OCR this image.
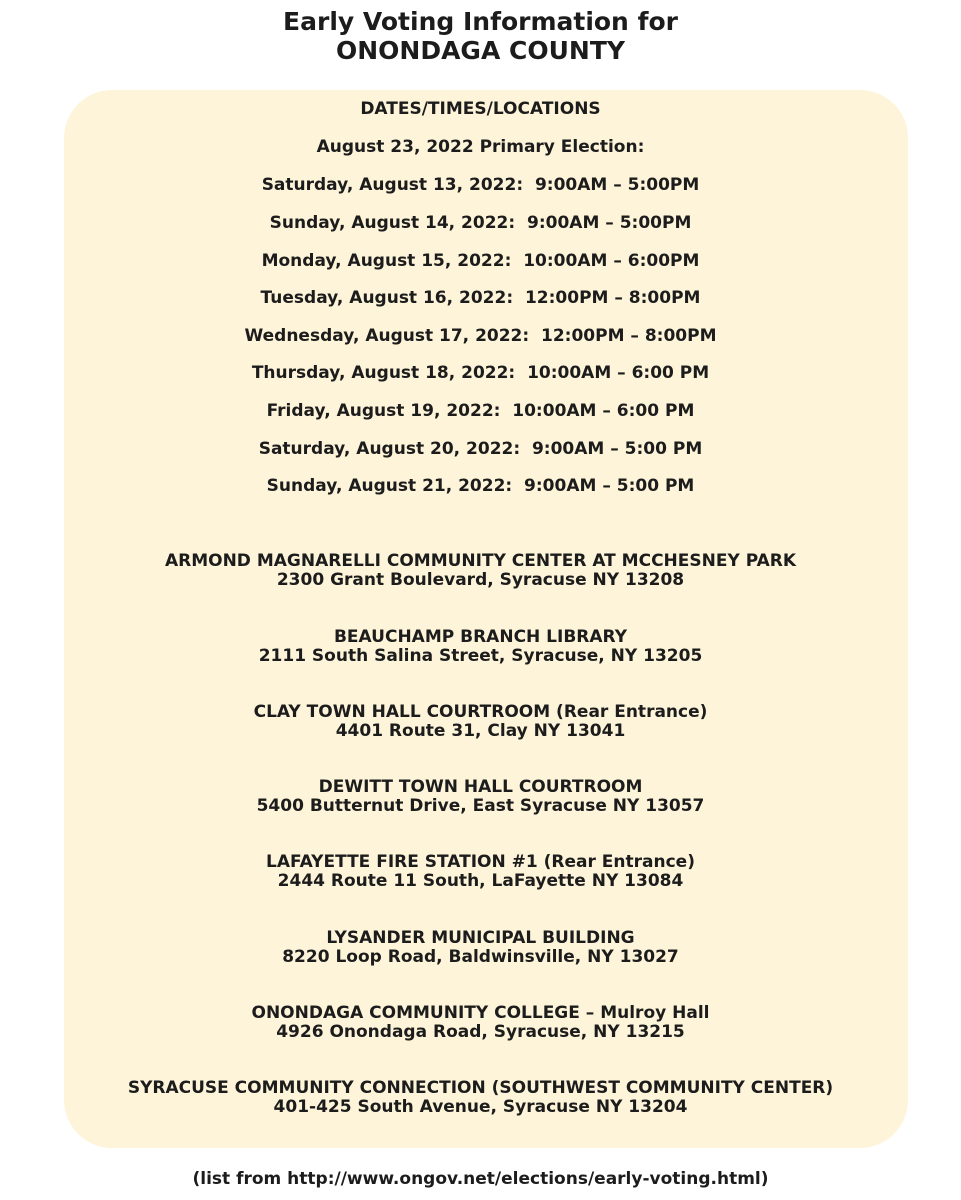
Early Voting Information for
ONONDAGA COUNTY

DATES/TIMES/LOCATIONS

August 23, 2022 Primary Election:

Saturday, August 13, 2022:  9:00AM – 5:00PM
Sunday, August 14, 2022:  9:00AM – 5:00PM
Monday, August 15, 2022:  10:00AM – 6:00PM
Tuesday, August 16, 2022:  12:00PM – 8:00PM
Wednesday, August 17, 2022:  12:00PM – 8:00PM
Thursday, August 18, 2022:  10:00AM – 6:00 PM
Friday, August 19, 2022:  10:00AM – 6:00 PM
Saturday, August 20, 2022:  9:00AM – 5:00 PM
Sunday, August 21, 2022:  9:00AM – 5:00 PM
ARMOND MAGNARELLI COMMUNITY CENTER AT MCCHESNEY PARK
2300 Grant Boulevard, Syracuse NY 13208
BEAUCHAMP BRANCH LIBRARY
2111 South Salina Street, Syracuse, NY 13205
CLAY TOWN HALL COURTROOM (Rear Entrance)
4401 Route 31, Clay NY 13041
DEWITT TOWN HALL COURTROOM
5400 Butternut Drive, East Syracuse NY 13057
LAFAYETTE FIRE STATION #1 (Rear Entrance)
2444 Route 11 South, LaFayette NY 13084
LYSANDER MUNICIPAL BUILDING
8220 Loop Road, Baldwinsville, NY 13027
ONONDAGA COMMUNITY COLLEGE – Mulroy Hall
4926 Onondaga Road, Syracuse, NY 13215
SYRACUSE COMMUNITY CONNECTION (SOUTHWEST COMMUNITY CENTER)
401-425 South Avenue, Syracuse NY 13204

(list from http://www.ongov.net/elections/early-voting.html)
